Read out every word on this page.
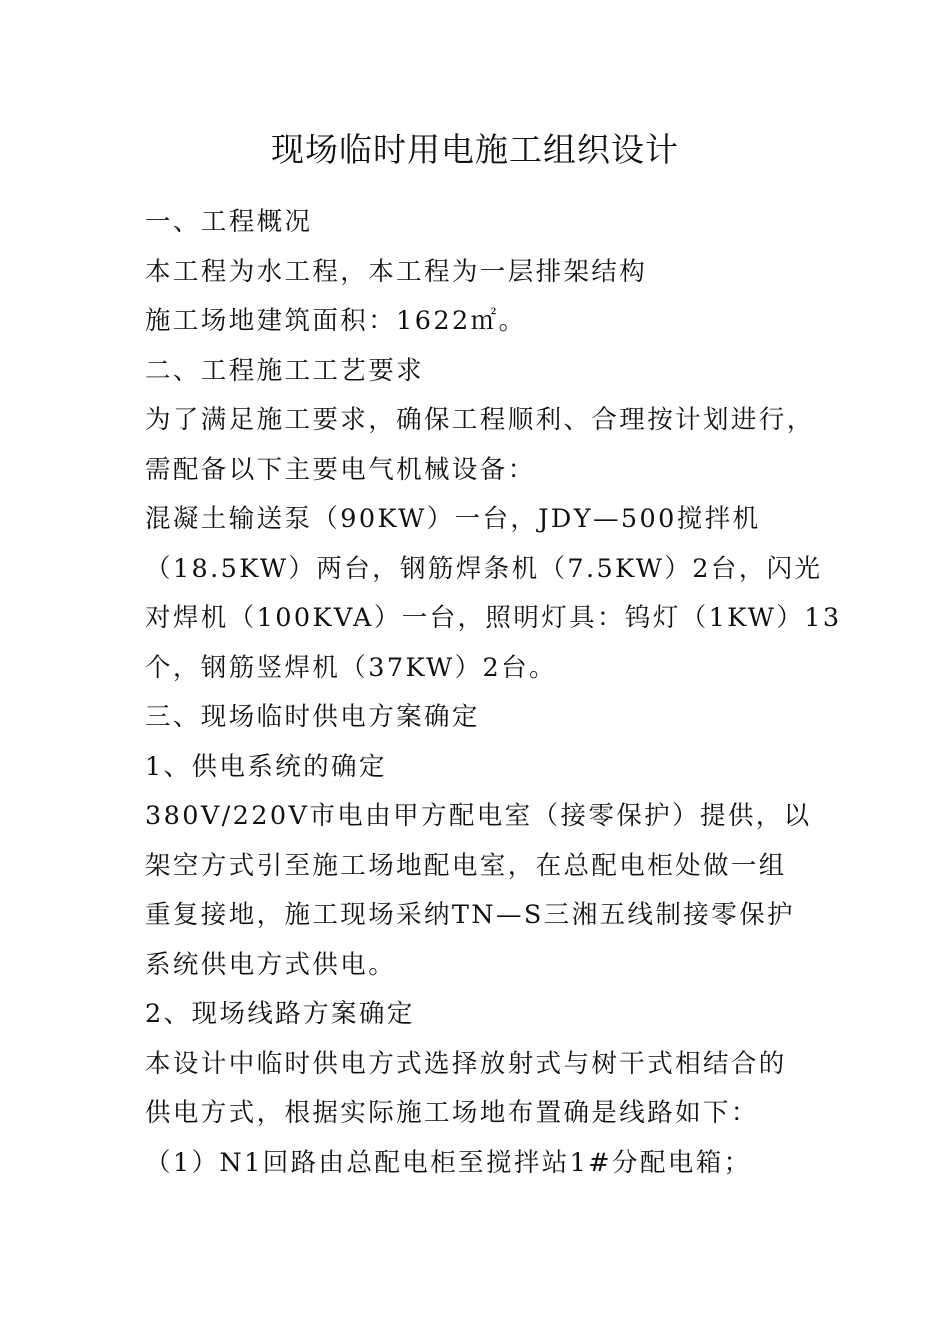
现场临时用电施工组织设计
一、工程概况
本工程为水工程，本工程为一层排架结构
施工场地建筑面积：1622㎡。
二、工程施工工艺要求
为了满足施工要求，确保工程顺利、合理按计划进行，
需配备以下主要电气机械设备：
混凝土输送泵（90KW）一台，JDY—500搅拌机
（18.5KW）两台，钢筋焊条机（7.5KW）2台，闪光
对焊机（100KVA）一台，照明灯具：钨灯（1KW）13
个，钢筋竖焊机（37KW）2台。
三、现场临时供电方案确定
1、供电系统的确定
380V/220V市电由甲方配电室（接零保护）提供，以
架空方式引至施工场地配电室，在总配电柜处做一组
重复接地，施工现场采纳TN—S三湘五线制接零保护
系统供电方式供电。
2、现场线路方案确定
本设计中临时供电方式选择放射式与树干式相结合的
供电方式，根据实际施工场地布置确是线路如下：
（1）N1回路由总配电柜至搅拌站1#分配电箱；
